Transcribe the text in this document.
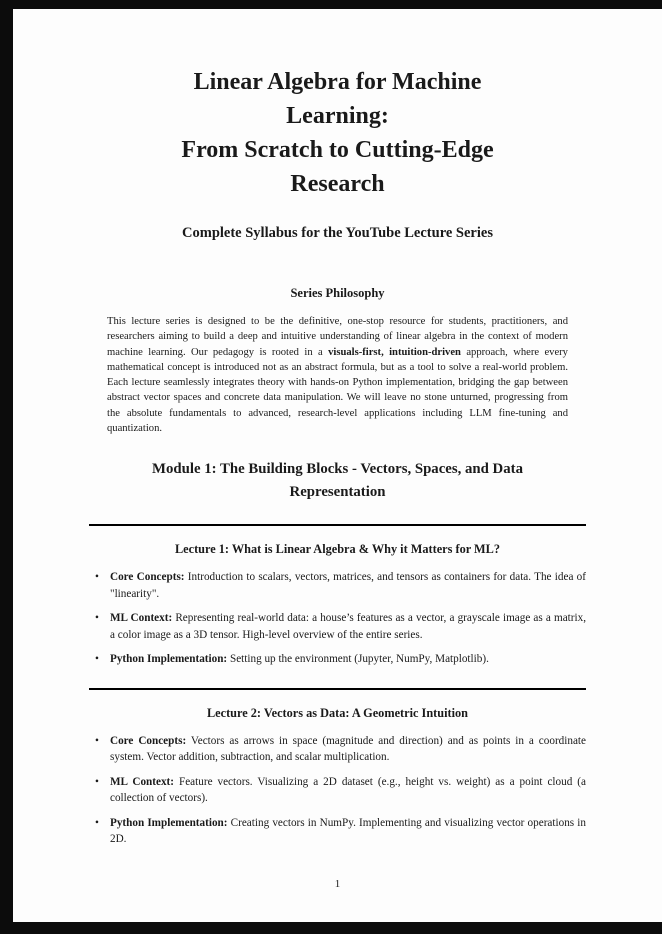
Linear Algebra for Machine
Learning:
From Scratch to Cutting-Edge
Research
Complete Syllabus for the YouTube Lecture Series
Series Philosophy

This lecture series is designed to be the definitive, one-stop resource for students, practitioners, and researchers aiming to build a deep and intuitive understanding of linear algebra in the context of modern machine learning. Our pedagogy is rooted in a visuals-first, intuition-driven approach, where every mathematical concept is introduced not as an abstract formula, but as a tool to solve a real-world problem. Each lecture seamlessly integrates theory with hands-on Python implementation, bridging the gap between abstract vector spaces and concrete data manipulation. We will leave no stone unturned, progressing from the absolute fundamentals to advanced, research-level applications including LLM fine-tuning and quantization.

Module 1: The Building Blocks - Vectors, Spaces, and Data
Representation
Lecture 1: What is Linear Algebra & Why it Matters for ML?
• Core Concepts: Introduction to scalars, vectors, matrices, and tensors as containers for data. The idea of "linearity".
• ML Context: Representing real-world data: a house’s features as a vector, a grayscale image as a matrix, a color image as a 3D tensor. High-level overview of the entire series.
• Python Implementation: Setting up the environment (Jupyter, NumPy, Matplotlib).
Lecture 2: Vectors as Data: A Geometric Intuition
• Core Concepts: Vectors as arrows in space (magnitude and direction) and as points in a coordinate system. Vector addition, subtraction, and scalar multiplication.
• ML Context: Feature vectors. Visualizing a 2D dataset (e.g., height vs. weight) as a point cloud (a collection of vectors).
• Python Implementation: Creating vectors in NumPy. Implementing and visualizing vector operations in 2D.
1
